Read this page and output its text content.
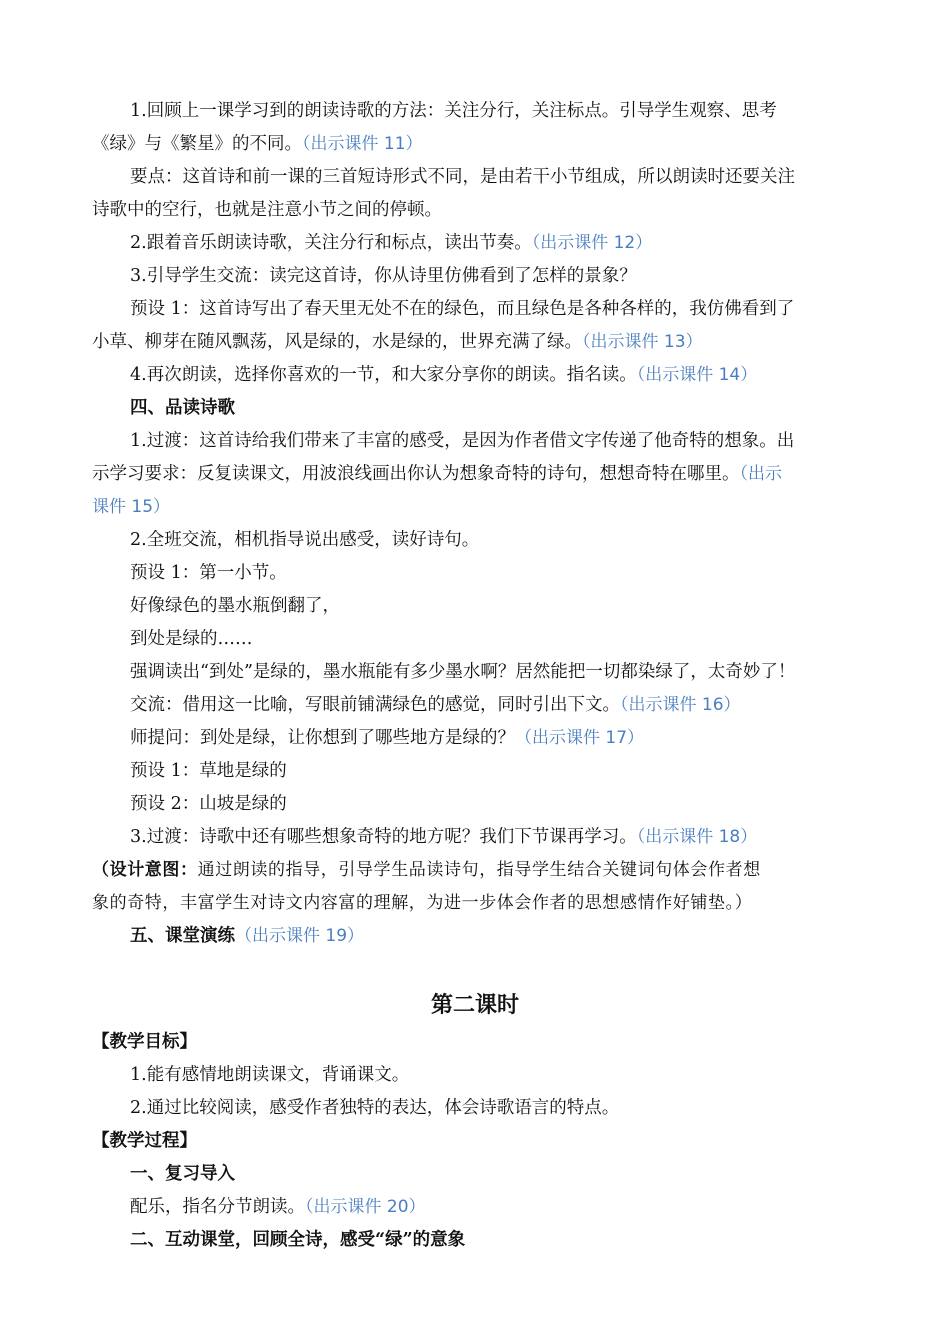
1.回顾上一课学习到的朗读诗歌的方法：关注分行，关注标点。引导学生观察、思考
《绿》与《繁星》的不同。（出示课件 11）
要点：这首诗和前一课的三首短诗形式不同，是由若干小节组成，所以朗读时还要关注
诗歌中的空行，也就是注意小节之间的停顿。
2.跟着音乐朗读诗歌，关注分行和标点，读出节奏。（出示课件 12）
3.引导学生交流：读完这首诗，你从诗里仿佛看到了怎样的景象？
预设 1：这首诗写出了春天里无处不在的绿色，而且绿色是各种各样的，我仿佛看到了
小草、柳芽在随风飘荡，风是绿的，水是绿的，世界充满了绿。（出示课件 13）
4.再次朗读，选择你喜欢的一节，和大家分享你的朗读。指名读。（出示课件 14）
四、品读诗歌
1.过渡：这首诗给我们带来了丰富的感受，是因为作者借文字传递了他奇特的想象。出
示学习要求：反复读课文，用波浪线画出你认为想象奇特的诗句，想想奇特在哪里。（出示
课件 15）
2.全班交流，相机指导说出感受，读好诗句。
预设 1：第一小节。
好像绿色的墨水瓶倒翻了，
到处是绿的……
强调读出“到处”是绿的，墨水瓶能有多少墨水啊？居然能把一切都染绿了，太奇妙了！
交流：借用这一比喻，写眼前铺满绿色的感觉，同时引出下文。（出示课件 16）
师提问：到处是绿，让你想到了哪些地方是绿的？（出示课件 17）
预设 1：草地是绿的
预设 2：山坡是绿的
3.过渡：诗歌中还有哪些想象奇特的地方呢？我们下节课再学习。（出示课件 18）
（设计意图：通过朗读的指导，引导学生品读诗句，指导学生结合关键词句体会作者想
象的奇特，丰富学生对诗文内容富的理解，为进一步体会作者的思想感情作好铺垫。）
五、课堂演练（出示课件 19）
第二课时
【教学目标】
1.能有感情地朗读课文，背诵课文。
2.通过比较阅读，感受作者独特的表达，体会诗歌语言的特点。
【教学过程】
一、复习导入
配乐，指名分节朗读。（出示课件 20）
二、互动课堂，回顾全诗，感受“绿”的意象
